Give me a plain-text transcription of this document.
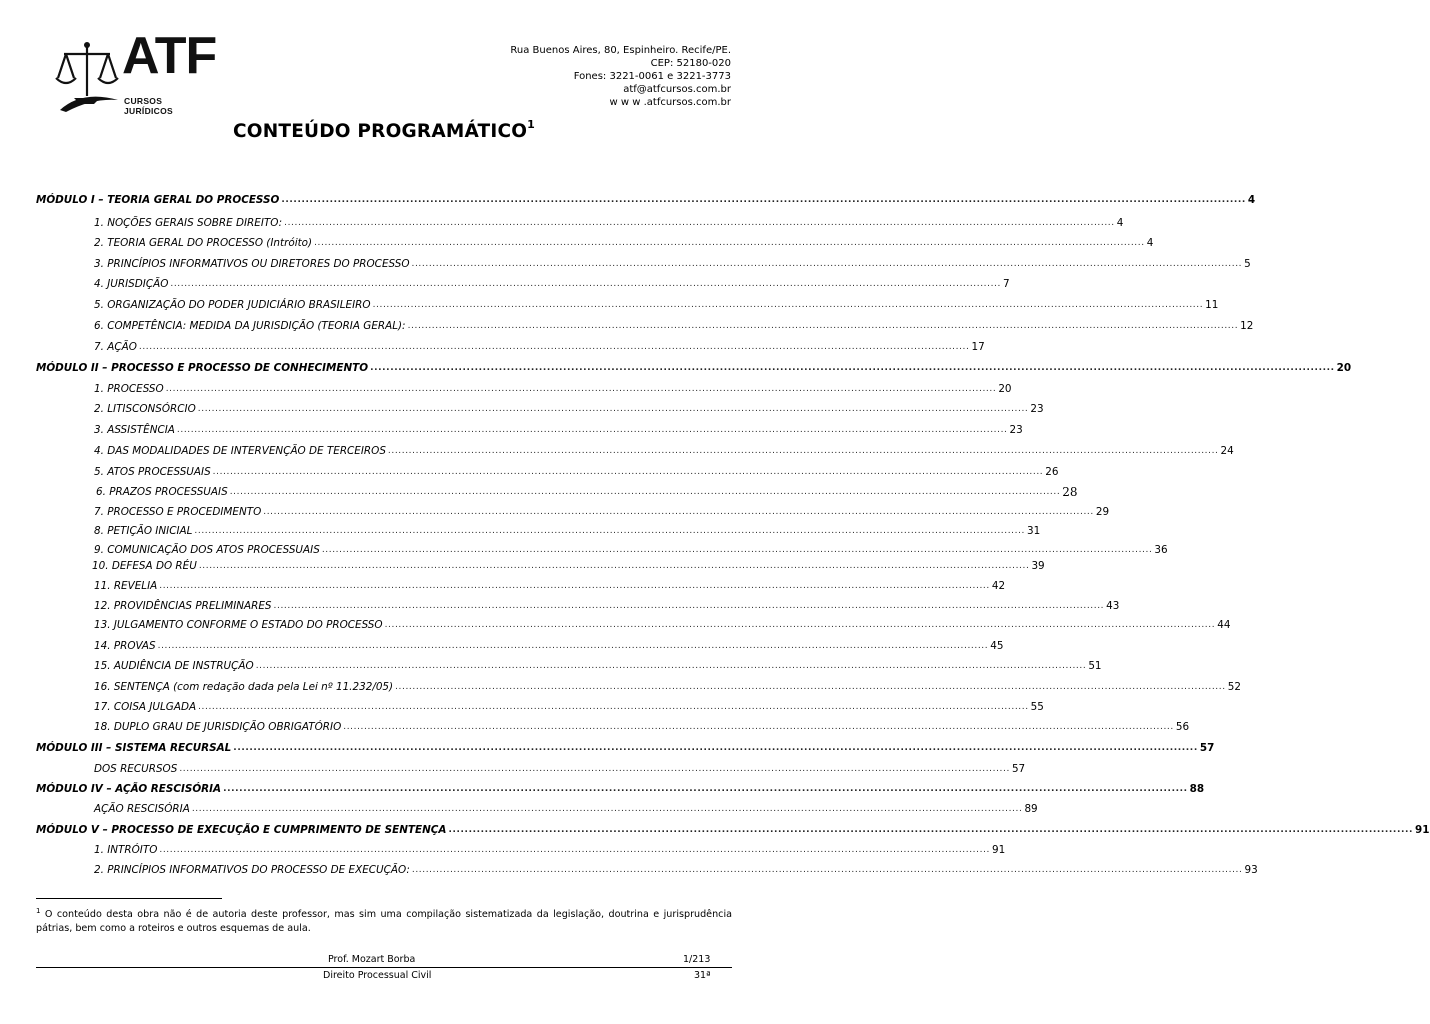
ATF
CURSOS JURÍDICOS
Rua Buenos Aires, 80, Espinheiro. Recife/PE.
CEP: 52180-020
Fones: 3221-0061 e 3221-3773
atf@atfcursos.com.br
w w w .atfcursos.com.br
CONTEÚDO PROGRAMÁTICO$^1$
MÓDULO I – TEORIA GERAL DO PROCESSO ................................................................................................................................................................................................................................................ 4
1. NOÇÕES GERAIS SOBRE DIREITO: ................................................................................................................................................................................................................................................ 4
2. TEORIA GERAL DO PROCESSO (Intróito) ................................................................................................................................................................................................................................................ 4
3. PRINCÍPIOS INFORMATIVOS OU DIRETORES DO PROCESSO ................................................................................................................................................................................................................................................ 5
4. JURISDIÇÃO ................................................................................................................................................................................................................................................ 7
5. ORGANIZAÇÃO DO PODER JUDICIÁRIO BRASILEIRO ................................................................................................................................................................................................................................................ 11
6. COMPETÊNCIA: MEDIDA DA JURISDIÇÃO (TEORIA GERAL): ................................................................................................................................................................................................................................................ 12
7. AÇÃO ................................................................................................................................................................................................................................................ 17
MÓDULO II – PROCESSO E PROCESSO DE CONHECIMENTO ................................................................................................................................................................................................................................................ 20
1. PROCESSO ................................................................................................................................................................................................................................................ 20
2. LITISCONSÓRCIO ................................................................................................................................................................................................................................................ 23
3. ASSISTÊNCIA ................................................................................................................................................................................................................................................ 23
4. DAS MODALIDADES DE INTERVENÇÃO DE TERCEIROS ................................................................................................................................................................................................................................................ 24
5. ATOS PROCESSUAIS ................................................................................................................................................................................................................................................ 26
6. PRAZOS PROCESSUAIS ................................................................................................................................................................................................................................................ 28
7. PROCESSO E PROCEDIMENTO ................................................................................................................................................................................................................................................ 29
8. PETIÇÃO INICIAL ................................................................................................................................................................................................................................................ 31
9. COMUNICAÇÃO DOS ATOS PROCESSUAIS ................................................................................................................................................................................................................................................ 36
10. DEFESA DO RÉU ................................................................................................................................................................................................................................................ 39
11. REVELIA ................................................................................................................................................................................................................................................ 42
12. PROVIDÊNCIAS PRELIMINARES ................................................................................................................................................................................................................................................ 43
13. JULGAMENTO CONFORME O ESTADO DO PROCESSO ................................................................................................................................................................................................................................................ 44
14. PROVAS ................................................................................................................................................................................................................................................ 45
15. AUDIÊNCIA DE INSTRUÇÃO ................................................................................................................................................................................................................................................ 51
16. SENTENÇA (com redação dada pela Lei nº 11.232/05) ................................................................................................................................................................................................................................................ 52
17. COISA JULGADA ................................................................................................................................................................................................................................................ 55
18. DUPLO GRAU DE JURISDIÇÃO OBRIGATÓRIO ................................................................................................................................................................................................................................................ 56
MÓDULO III – SISTEMA RECURSAL ................................................................................................................................................................................................................................................ 57
DOS RECURSOS ................................................................................................................................................................................................................................................ 57
MÓDULO IV – AÇÃO RESCISÓRIA ................................................................................................................................................................................................................................................ 88
AÇÃO RESCISÓRIA ................................................................................................................................................................................................................................................ 89
MÓDULO V – PROCESSO DE EXECUÇÃO E CUMPRIMENTO DE SENTENÇA ................................................................................................................................................................................................................................................ 91
1. INTRÓITO ................................................................................................................................................................................................................................................ 91
2. PRINCÍPIOS INFORMATIVOS DO PROCESSO DE EXECUÇÃO: ................................................................................................................................................................................................................................................ 93
$^1$ O conteúdo desta obra não é de autoria deste professor, mas sim uma compilação sistematizada da legislação, doutrina e jurisprudência pátrias, bem como a roteiros e outros esquemas de aula.
Prof. Mozart Borba	1/213
Direito Processual Civil	31ª
